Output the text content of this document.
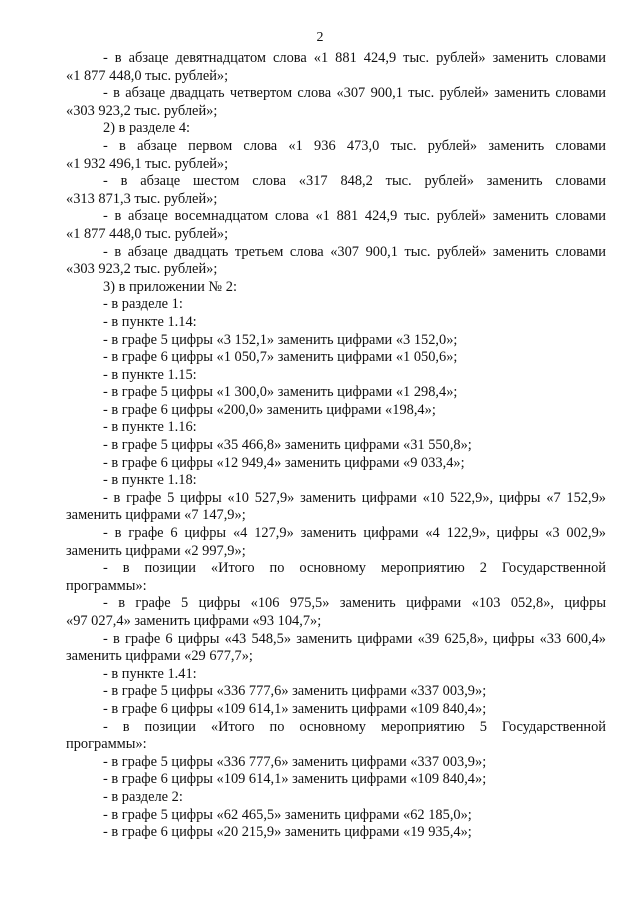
2
- в абзаце девятнадцатом слова «1 881 424,9 тыс. рублей» заменить словами
«1 877 448,0 тыс. рублей»;
- в абзаце двадцать четвертом слова «307 900,1 тыс. рублей» заменить словами
«303 923,2 тыс. рублей»;
2) в разделе 4:
- в абзаце первом слова «1 936 473,0 тыс. рублей» заменить словами
«1 932 496,1 тыс. рублей»;
- в абзаце шестом слова «317 848,2 тыс. рублей» заменить словами
«313 871,3 тыс. рублей»;
- в абзаце восемнадцатом слова «1 881 424,9 тыс. рублей» заменить словами
«1 877 448,0 тыс. рублей»;
- в абзаце двадцать третьем слова «307 900,1 тыс. рублей» заменить словами
«303 923,2 тыс. рублей»;
3) в приложении № 2:
- в разделе 1:
- в пункте 1.14:
- в графе 5 цифры «3 152,1» заменить цифрами «3 152,0»;
- в графе 6 цифры «1 050,7» заменить цифрами «1 050,6»;
- в пункте 1.15:
- в графе 5 цифры «1 300,0» заменить цифрами «1 298,4»;
- в графе 6 цифры «200,0» заменить цифрами «198,4»;
- в пункте 1.16:
- в графе 5 цифры «35 466,8» заменить цифрами «31 550,8»;
- в графе 6 цифры «12 949,4» заменить цифрами «9 033,4»;
- в пункте 1.18:
- в графе 5 цифры «10 527,9» заменить цифрами «10 522,9», цифры «7 152,9»
заменить цифрами «7 147,9»;
- в графе 6 цифры «4 127,9» заменить цифрами «4 122,9», цифры «3 002,9»
заменить цифрами «2 997,9»;
- в позиции «Итого по основному мероприятию 2 Государственной
программы»:
- в графе 5 цифры «106 975,5» заменить цифрами «103 052,8», цифры
«97 027,4» заменить цифрами «93 104,7»;
- в графе 6 цифры «43 548,5» заменить цифрами «39 625,8», цифры «33 600,4»
заменить цифрами «29 677,7»;
- в пункте 1.41:
- в графе 5 цифры «336 777,6» заменить цифрами «337 003,9»;
- в графе 6 цифры «109 614,1» заменить цифрами «109 840,4»;
- в позиции «Итого по основному мероприятию 5 Государственной
программы»:
- в графе 5 цифры «336 777,6» заменить цифрами «337 003,9»;
- в графе 6 цифры «109 614,1» заменить цифрами «109 840,4»;
- в разделе 2:
- в графе 5 цифры «62 465,5» заменить цифрами «62 185,0»;
- в графе 6 цифры «20 215,9» заменить цифрами «19 935,4»;
